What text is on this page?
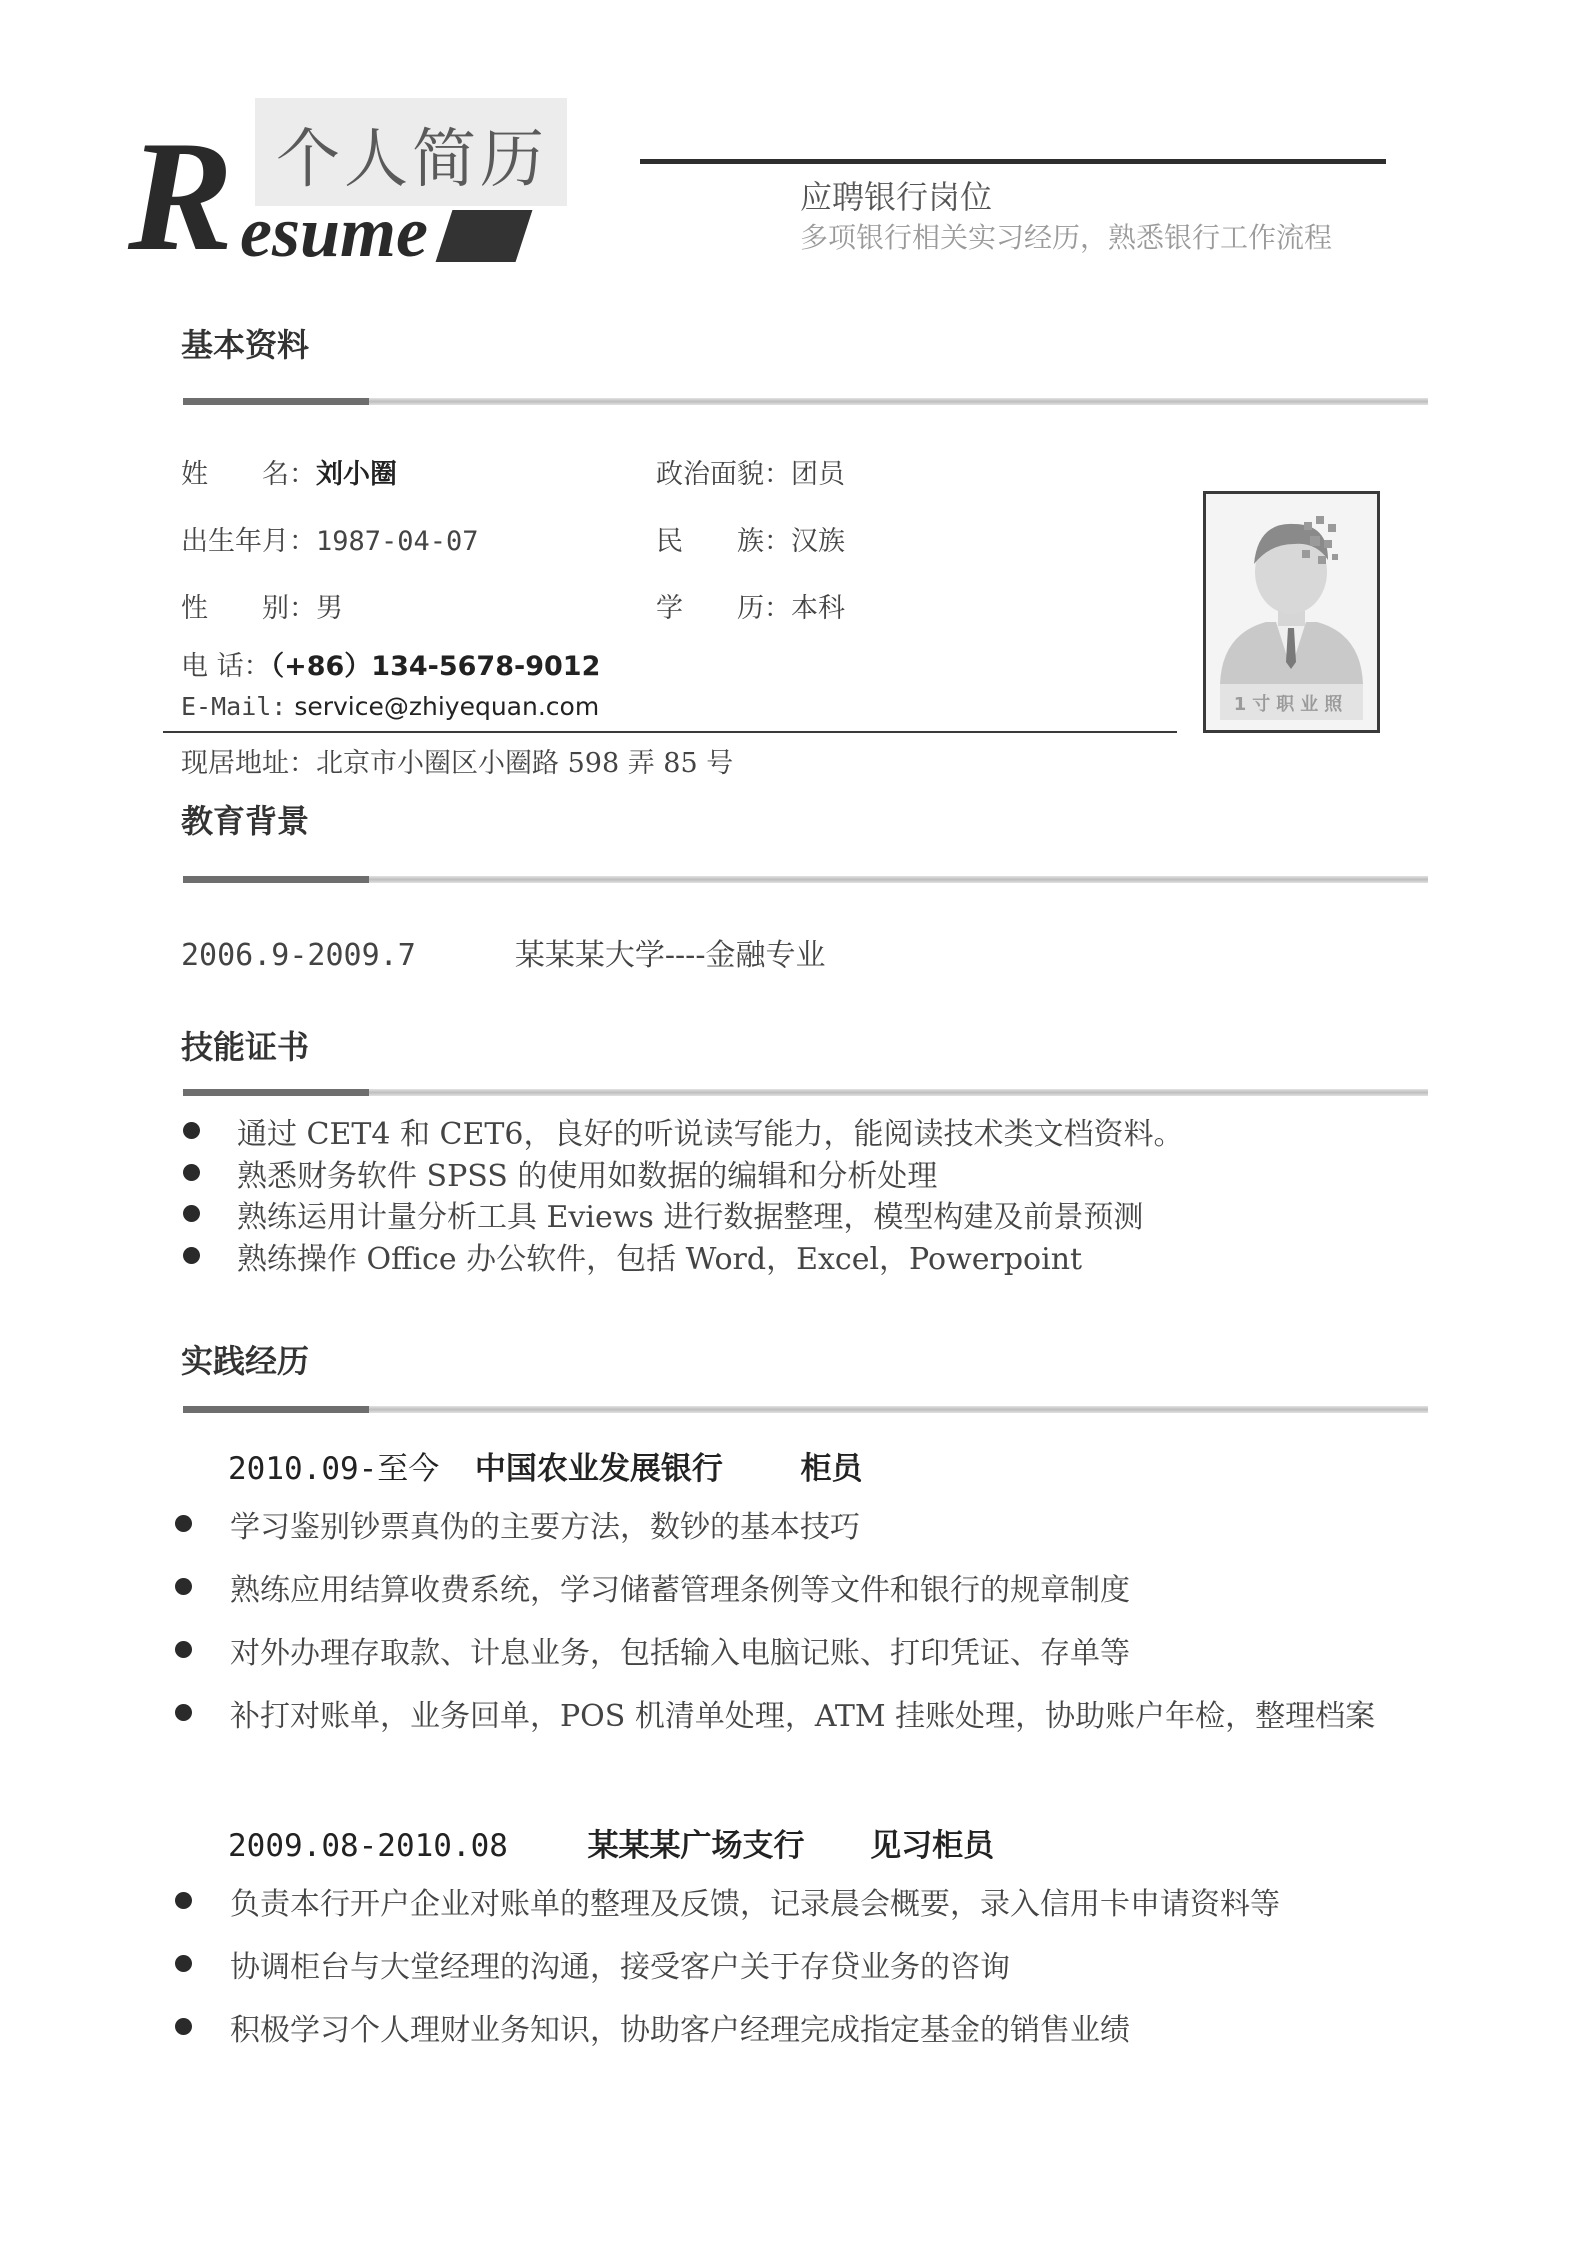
个人简历
R esume	应聘银行岗位
多项银行相关实习经历，熟悉银行工作流程
基本资料
姓　　名：刘小圈	政治面貌：团员
出生年月：1987-04-07	民　　族：汉族
性　　别：男	学　　历：本科
电 话：（+86）134-5678-9012
E-Mail: service@zhiyequan.com
现居地址：北京市小圈区小圈路 598 弄 85 号
1寸职业照
教育背景
2006.9-2009.7	某某某大学----金融专业
技能证书
通过 CET4 和 CET6，良好的听说读写能力，能阅读技术类文档资料。
熟悉财务软件 SPSS 的使用如数据的编辑和分析处理
熟练运用计量分析工具 Eviews 进行数据整理，模型构建及前景预测
熟练操作 Office 办公软件，包括 Word，Excel，Powerpoint
实践经历
2010.09-至今 中国农业发展银行	柜员
学习鉴别钞票真伪的主要方法，数钞的基本技巧
熟练应用结算收费系统，学习储蓄管理条例等文件和银行的规章制度
对外办理存取款、计息业务，包括输入电脑记账、打印凭证、存单等
补打对账单，业务回单，POS 机清单处理，ATM 挂账处理，协助账户年检，整理档案
2009.08-2010.08	某某某广场支行 见习柜员
负责本行开户企业对账单的整理及反馈，记录晨会概要，录入信用卡申请资料等
协调柜台与大堂经理的沟通，接受客户关于存贷业务的咨询
积极学习个人理财业务知识，协助客户经理完成指定基金的销售业绩
